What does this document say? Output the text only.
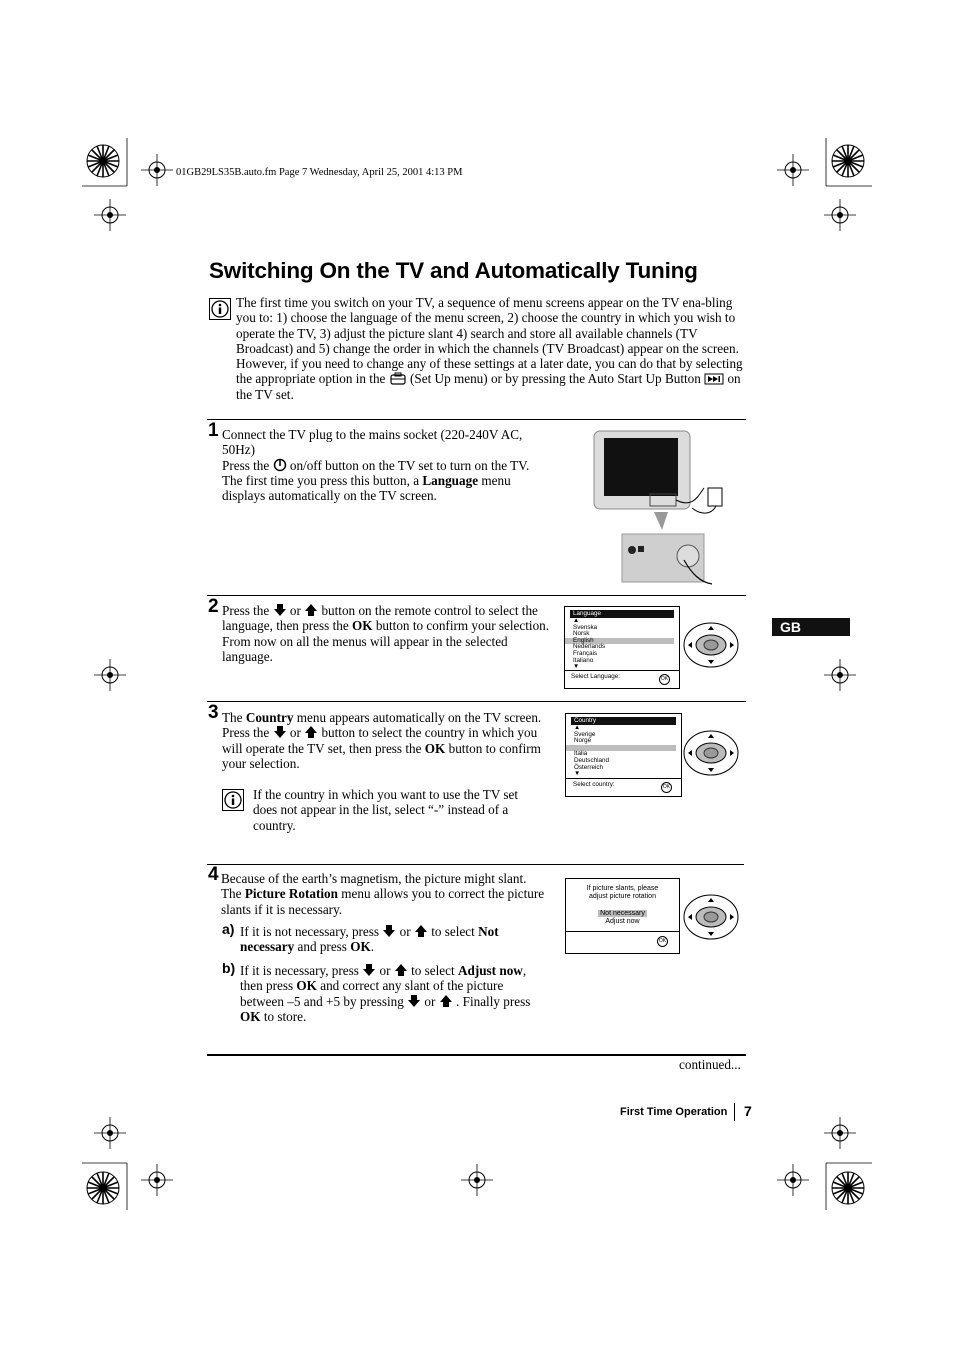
01GB29LS35B.auto.fm Page 7 Wednesday, April 25, 2001 4:13 PM
Switching On the TV and Automatically Tuning

The first time you switch on your TV, a sequence of menu screens appear on the TV ena-bling you to: 1) choose the language of the menu screen, 2) choose the country in which you wish to operate the TV, 3) adjust the picture slant 4) search and store all available channels (TV Broadcast) and 5) change the order in which the channels (TV Broadcast) appear on the screen.

However, if you need to change any of these settings at a later date, you can do that by selecting the appropriate option in the (Set Up menu) or by pressing the Auto Start Up Button on the TV set.

1 Connect the TV plug to the mains socket (220-240V AC, 50Hz)

Press the on/off button on the TV set to turn on the TV.

The first time you press this button, a Language menu displays automatically on the TV screen.

2 Press the or button on the remote control to select the language, then press the OK button to confirm your selection. From now on all the menus will appear in the selected language.
Language
▲
Svenska
Norsk
English
Nederlands
Français
Italiano
▼
Select Language:	OK
3 The Country menu appears automatically on the TV screen. Press the or button to select the country in which you will operate the TV set, then press the OK button to confirm your selection.
If the country in which you want to use the TV set does not appear in the list, select “-” instead of a country.
Country
▲
Sverige
Norge
-
Italia
Deutschland
Österreich
▼
Select country:	OK
4 Because of the earth’s magnetism, the picture might slant. The Picture Rotation menu allows you to correct the picture slants if it is necessary.
a) If it is not necessary, press or to select Not necessary and press OK.
b) If it is necessary, press or to select Adjust now, then press OK and correct any slant of the picture between –5 and +5 by pressing or . Finally press OK to store.
If picture slants, please
adjust picture rotation
Not necessary
Adjust now
OK
continued...
GB
First Time Operation 7
